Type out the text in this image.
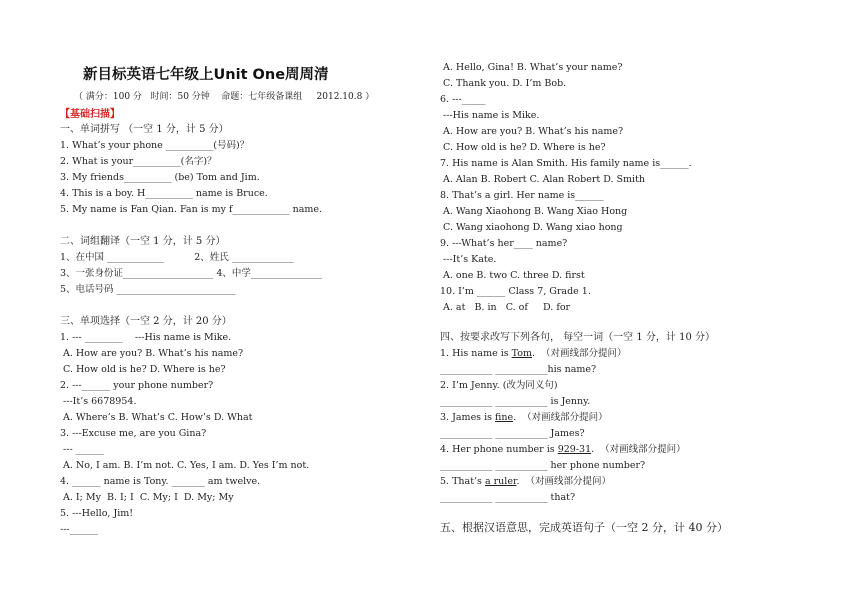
新目标英语七年级上Unit One周周清
（ 满分：100 分   时间：50 分钟    命题：七年级备课组     2012.10.8 ）
【基础扫描】
一、单词拼写 （一空 1 分，计 5 分）
1. What’s your phone __________(号码)？
2. What is your__________(名字)？
3. My friends__________ (be) Tom and Jim.
4. This is a boy. H__________ name is Bruce.
5. My name is Fan Qian. Fan is my f____________ name.
二、词组翻译（一空 1 分，计 5 分）
1、在中国 ____________          2、姓氏 _____________
3、一张身份证___________________ 4、中学_______________
5、电话号码 _________________________
三、单项选择（一空 2 分，计 20 分）
1. --- ________    ---His name is Mike.
A. How are you? B. What’s his name?
C. How old is he? D. Where is he?
2. ---______ your phone number?
---It’s 6678954.
A. Where’s B. What’s C. How’s D. What
3. ---Excuse me, are you Gina?
--- ______
A. No, I am. B. I’m not. C. Yes, I am. D. Yes I’m not.
4. ______ name is Tony. _______ am twelve.
A. I; My  B. I; I  C. My; I  D. My; My
5. ---Hello, Jim!
---______
A. Hello, Gina! B. What’s your name?
C. Thank you. D. I’m Bob.
6. ---_____
---His name is Mike.
A. How are you? B. What’s his name?
C. How old is he? D. Where is he?
7. His name is Alan Smith. His family name is______.
A. Alan B. Robert C. Alan Robert D. Smith
8. That’s a girl. Her name is______
A. Wang Xiaohong B. Wang Xiao Hong
C. Wang xiaohong D. Wang xiao hong
9. ---What’s her____ name?
---It’s Kate.
A. one B. two C. three D. first
10. I’m ______ Class 7, Grade 1.
A. at   B. in   C. of     D. for
四、按要求改写下列各句， 每空一词（一空 1 分，计 10 分）
1. His name is Tom.  （对画线部分提问）
___________ ___________his name?
2. I’m Jenny. (改为同义句)
___________ ___________ is Jenny.
3. James is fine.  （对画线部分提问）
___________ ___________ James?
4. Her phone number is 929-31.  （对画线部分提问）
___________ ___________ her phone number?
5. That’s a ruler.  （对画线部分提问）
___________ ___________ that?
五、根据汉语意思，完成英语句子（一空 2 分，计 40 分）
